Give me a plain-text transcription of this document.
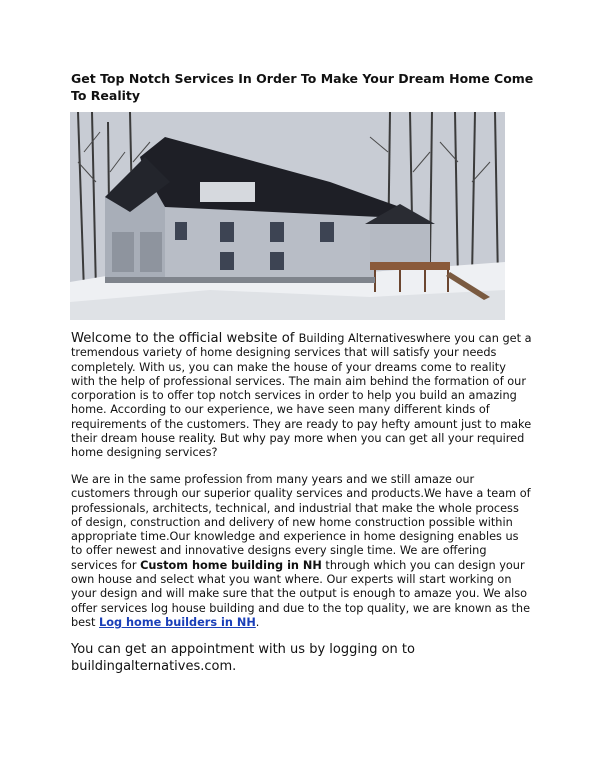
Get Top Notch Services In Order To Make Your Dream Home Come To Reality

Welcome to the official website of Building Alternativeswhere you can get a tremendous variety of home designing services that will satisfy your needs completely. With us, you can make the house of your dreams come to reality with the help of professional services. The main aim behind the formation of our corporation is to offer top notch services in order to help you build an amazing home. According to our experience, we have seen many different kinds of requirements of the customers. They are ready to pay hefty amount just to make their dream house reality. But why pay more when you can get all your required home designing services?

We are in the same profession from many years and we still amaze our customers through our superior quality services and products.We have a team of professionals, architects, technical, and industrial that make the whole process of design, construction and delivery of new home construction possible within appropriate time.Our knowledge and experience in home designing enables us to offer newest and innovative designs every single time. We are offering services for Custom home building in NH through which you can design your own house and select what you want where. Our experts will start working on your design and will make sure that the output is enough to amaze you. We also offer services log house building and due to the top quality, we are known as the best Log home builders in NH.

You can get an appointment with us by logging on to buildingalternatives.com.
